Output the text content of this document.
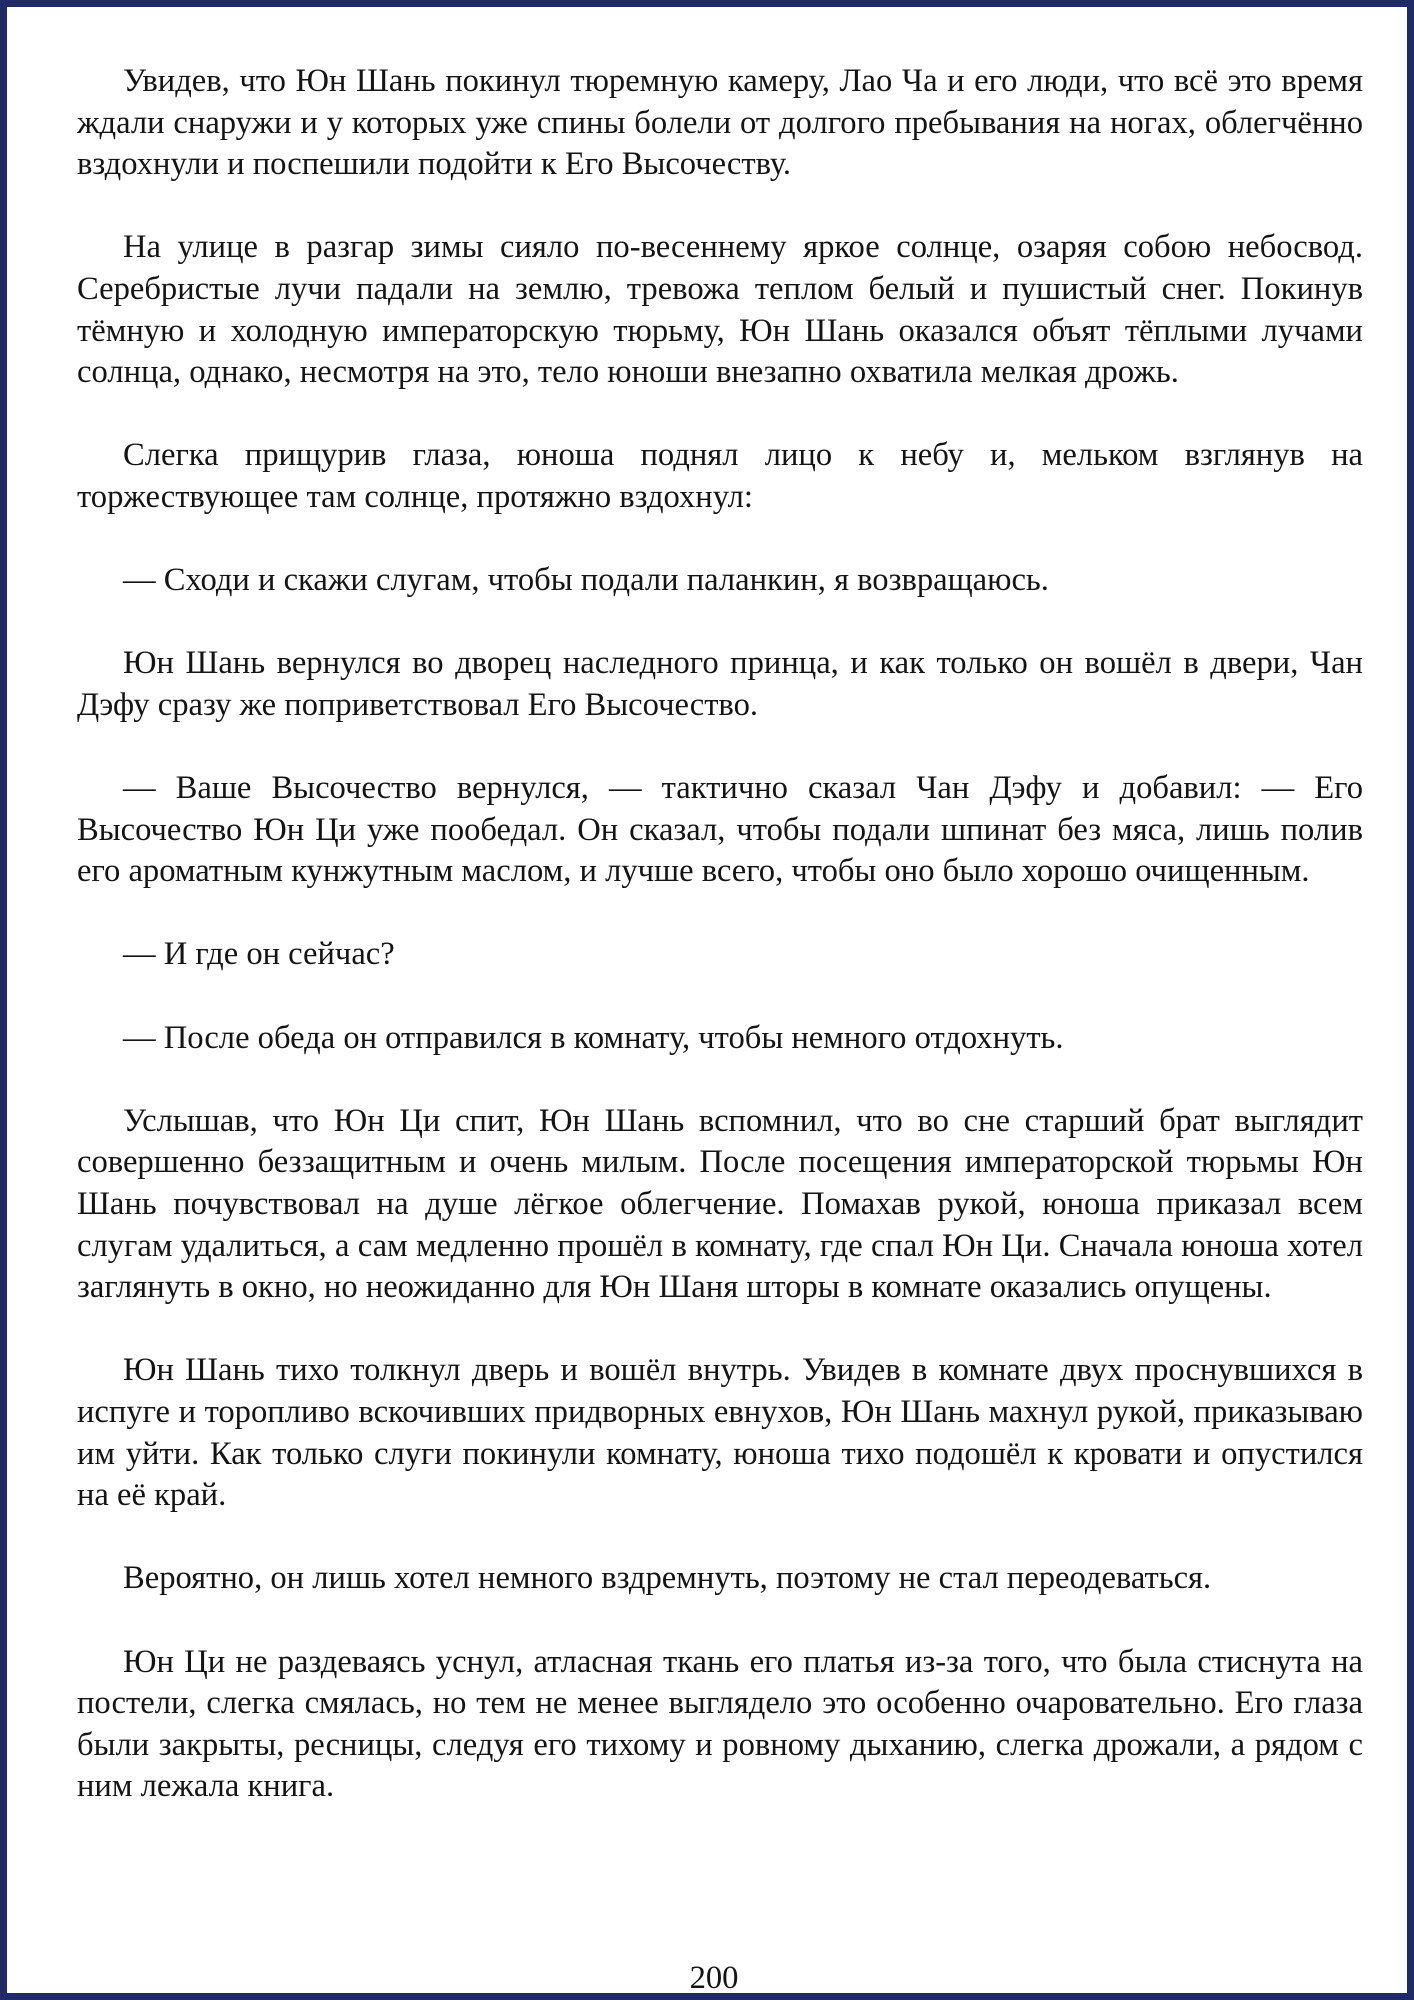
Увидев, что Юн Шань покинул тюремную камеру, Лао Ча и его люди, что всё это время ждали снаружи и у которых уже спины болели от долгого пребывания на ногах, облегчённо вздохнули и поспешили подойти к Его Высочеству.

На улице в разгар зимы сияло по-весеннему яркое солнце, озаряя собою небосвод. Серебристые лучи падали на землю, тревожа теплом белый и пушистый снег. Покинув тёмную и холодную императорскую тюрьму, Юн Шань оказался объят тёплыми лучами солнца, однако, несмотря на это, тело юноши внезапно охватила мелкая дрожь.

Слегка прищурив глаза, юноша поднял лицо к небу и, мельком взглянув на торжествующее там солнце, протяжно вздохнул:

— Сходи и скажи слугам, чтобы подали паланкин, я возвращаюсь.

Юн Шань вернулся во дворец наследного принца, и как только он вошёл в двери, Чан Дэфу сразу же поприветствовал Его Высочество.

— Ваше Высочество вернулся, — тактично сказал Чан Дэфу и добавил: — Его Высочество Юн Ци уже пообедал. Он сказал, чтобы подали шпинат без мяса, лишь полив его ароматным кунжутным маслом, и лучше всего, чтобы оно было хорошо очищенным.

— И где он сейчас?

— После обеда он отправился в комнату, чтобы немного отдохнуть.

Услышав, что Юн Ци спит, Юн Шань вспомнил, что во сне старший брат выглядит совершенно беззащитным и очень милым. После посещения императорской тюрьмы Юн Шань почувствовал на душе лёгкое облегчение. Помахав рукой, юноша приказал всем слугам удалиться, а сам медленно прошёл в комнату, где спал Юн Ци. Сначала юноша хотел заглянуть в окно, но неожиданно для Юн Шаня шторы в комнате оказались опущены.

Юн Шань тихо толкнул дверь и вошёл внутрь. Увидев в комнате двух проснувшихся в испуге и торопливо вскочивших придворных евнухов, Юн Шань махнул рукой, приказываю им уйти. Как только слуги покинули комнату, юноша тихо подошёл к кровати и опустился на её край.

Вероятно, он лишь хотел немного вздремнуть, поэтому не стал переодеваться.

Юн Ци не раздеваясь уснул, атласная ткань его платья из-за того, что была стиснута на постели, слегка смялась, но тем не менее выглядело это особенно очаровательно. Его глаза были закрыты, ресницы, следуя его тихому и ровному дыханию, слегка дрожали, а рядом с ним лежала книга.

200
